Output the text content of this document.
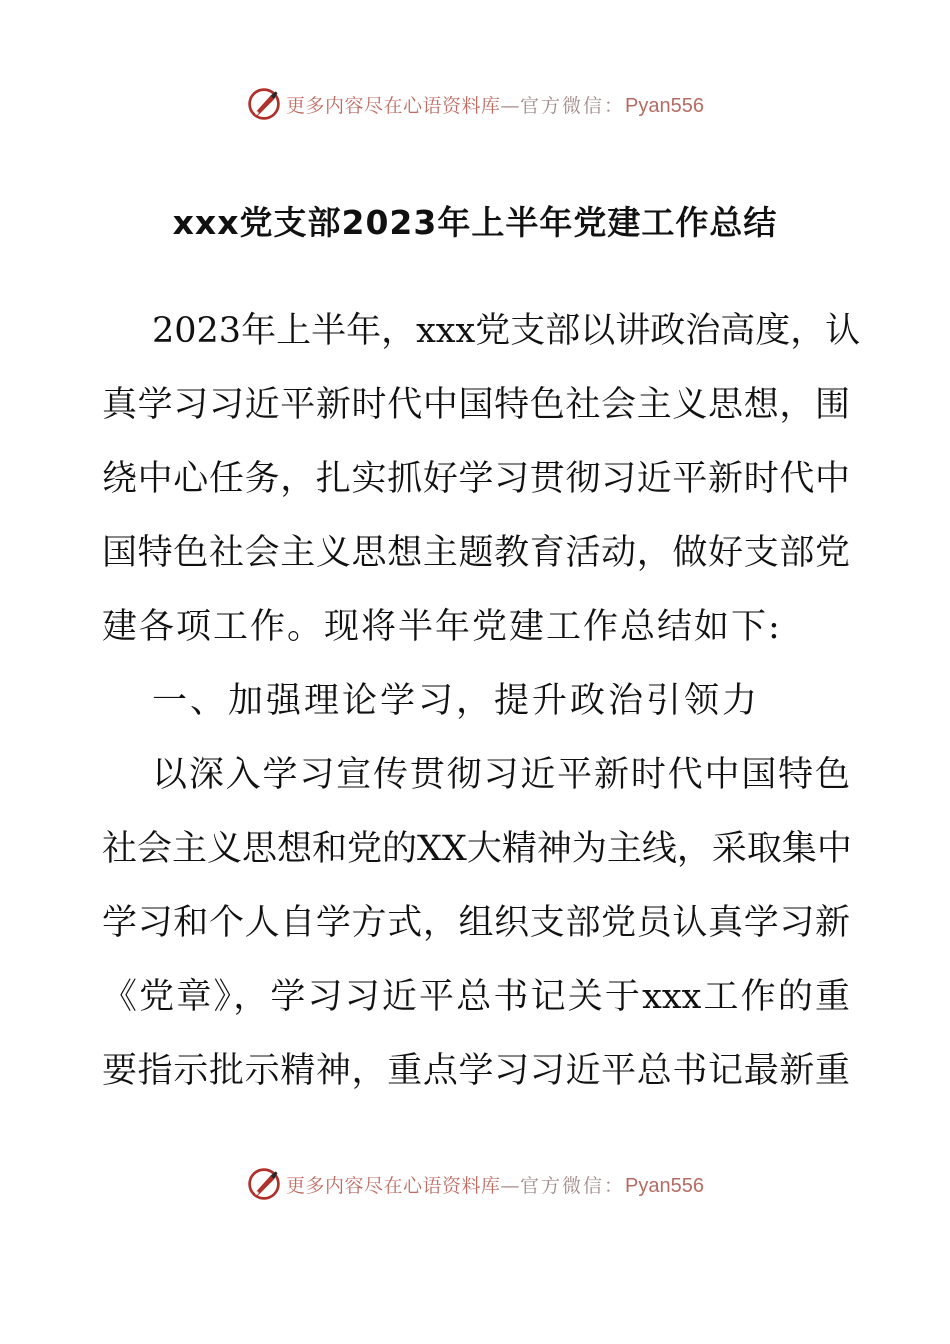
更多内容尽在心语资料库—官方微信：Pyan556
xxx党支部2023年上半年党建工作总结
2023年上半年，xxx党支部以讲政治高度，认
真学习习近平新时代中国特色社会主义思想，围
绕中心任务，扎实抓好学习贯彻习近平新时代中
国特色社会主义思想主题教育活动，做好支部党
建各项工作。现将半年党建工作总结如下:
一、加强理论学习，提升政治引领力
以深入学习宣传贯彻习近平新时代中国特色
社会主义思想和党的XX大精神为主线，采取集中
学习和个人自学方式，组织支部党员认真学习新
《党章》，学习习近平总书记关于xxx工作的重
要指示批示精神，重点学习习近平总书记最新重
更多内容尽在心语资料库—官方微信：Pyan556
